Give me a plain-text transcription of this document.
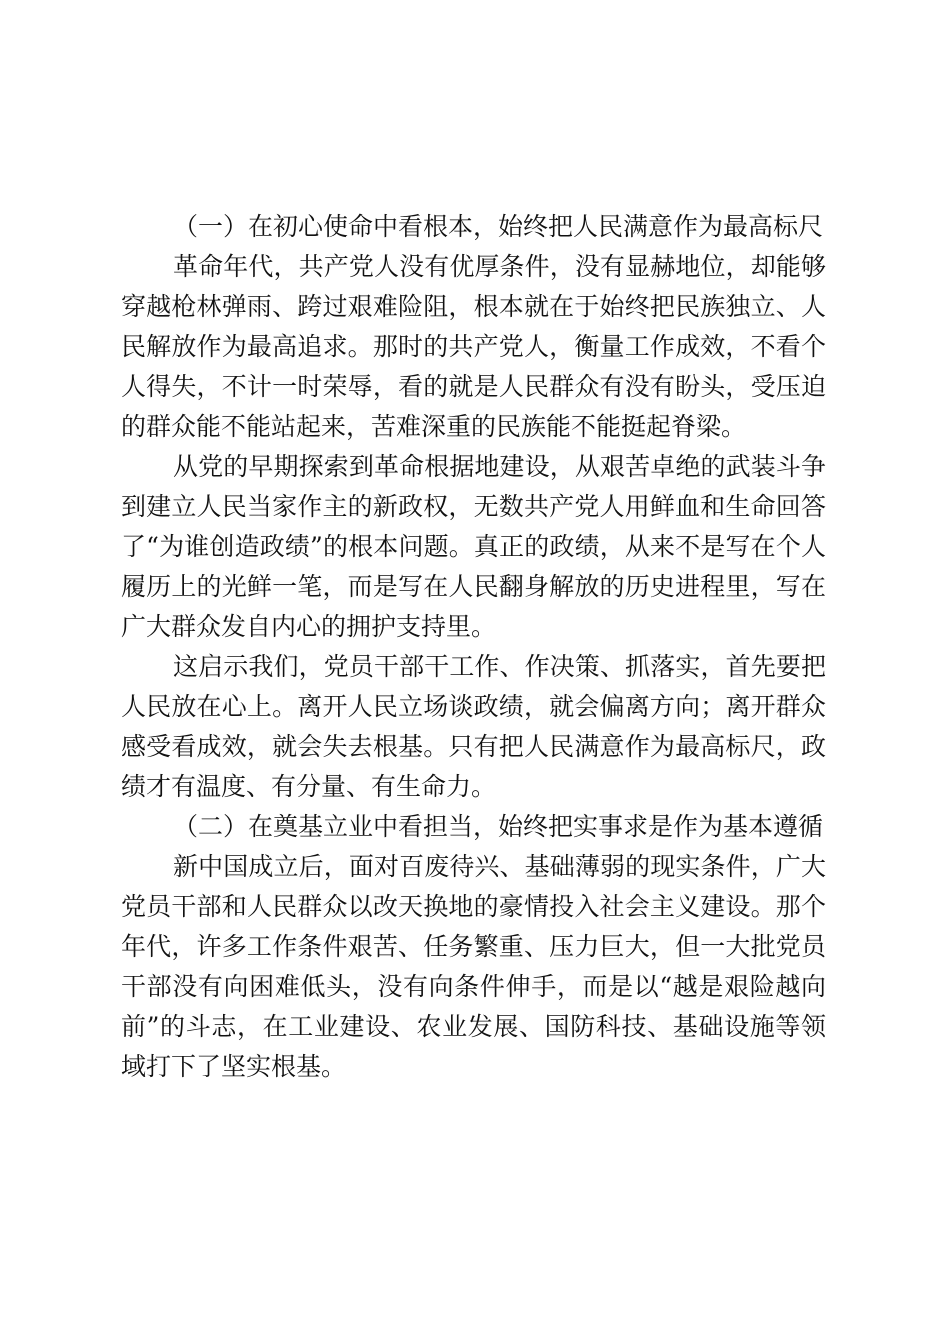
（一）在初心使命中看根本，始终把人民满意作为最高标尺

革命年代，共产党人没有优厚条件，没有显赫地位，却能够穿越枪林弹雨、跨过艰难险阻，根本就在于始终把民族独立、人民解放作为最高追求。那时的共产党人，衡量工作成效，不看个人得失，不计一时荣辱，看的就是人民群众有没有盼头，受压迫的群众能不能站起来，苦难深重的民族能不能挺起脊梁。

从党的早期探索到革命根据地建设，从艰苦卓绝的武装斗争到建立人民当家作主的新政权，无数共产党人用鲜血和生命回答了“为谁创造政绩”的根本问题。真正的政绩，从来不是写在个人履历上的光鲜一笔，而是写在人民翻身解放的历史进程里，写在广大群众发自内心的拥护支持里。

这启示我们，党员干部干工作、作决策、抓落实，首先要把人民放在心上。离开人民立场谈政绩，就会偏离方向；离开群众感受看成效，就会失去根基。只有把人民满意作为最高标尺，政绩才有温度、有分量、有生命力。

（二）在奠基立业中看担当，始终把实事求是作为基本遵循

新中国成立后，面对百废待兴、基础薄弱的现实条件，广大党员干部和人民群众以改天换地的豪情投入社会主义建设。那个年代，许多工作条件艰苦、任务繁重、压力巨大，但一大批党员干部没有向困难低头，没有向条件伸手，而是以“越是艰险越向前”的斗志，在工业建设、农业发展、国防科技、基础设施等领域打下了坚实根基。
